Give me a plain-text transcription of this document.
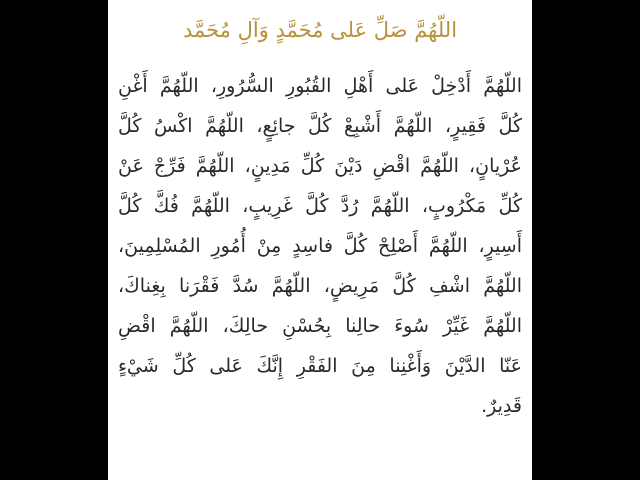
اللّهُمَّ صَلِّ عَلى مُحَمَّدٍ وَآلِ مُحَمَّد
اللّهُمَّ أَدْخِلْ عَلى أَهْلِ القُبُورِ السُّرُورِ، اللّهُمَّ أَغْنِ
كُلَّ فَقِيرٍ، اللّهُمَّ أَشْبِعْ كُلَّ جائِعٍ، اللّهُمَّ اكْسُ كُلَّ
عُرْيانٍ، اللّهُمَّ اقْضِ دَيْنَ كُلِّ مَدِينٍ، اللّهُمَّ فَرِّجْ عَنْ
كُلِّ مَكْرُوبٍ، اللّهُمَّ رُدَّ كُلَّ غَرِيبٍ، اللّهُمَّ فُكَّ كُلَّ
أَسِيرٍ، اللّهُمَّ أَصْلِحْ كُلَّ فاسِدٍ مِنْ أُمُورِ المُسْلِمِينَ،
اللّهُمَّ اشْفِ كُلَّ مَرِيضٍ، اللّهُمَّ سُدَّ فَقْرَنا بِغِناكَ،
اللّهُمَّ غَيِّرْ سُوءَ حالِنا بِحُسْنِ حالِكَ، اللّهُمَّ اقْضِ
عَنّا الدَّيْنَ وَأَغْنِنا مِنَ الفَقْرِ إِنَّكَ عَلى كُلِّ شَيْءٍ
قَدِيرٌ.
